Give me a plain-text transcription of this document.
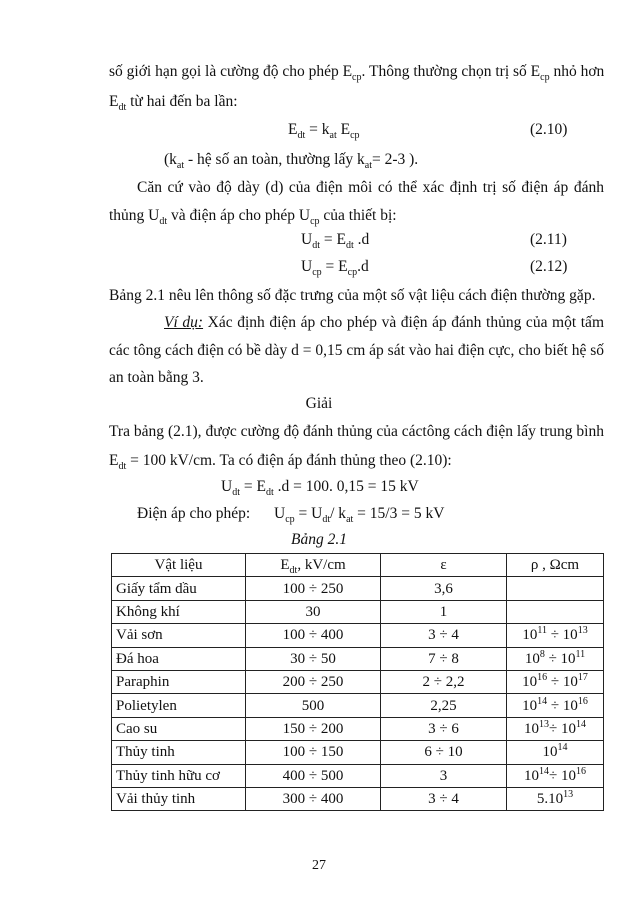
số giới hạn gọi là cường độ cho phép $E_{cp}$. Thông thường chọn trị số $E_{cp}$ nhỏ hơn
$E_{dt}$ từ hai đến ba lần:
$E_{dt} = k_{at}$ $E_{cp}$	(2.10)
($k_{at}$ - hệ số an toàn, thường lấy $k_{at}= 2-3$ ).
Căn cứ vào độ dày (d) của điện môi có thể xác định trị số điện áp đánh
thủng $U_{dt}$ và điện áp cho phép $U_{cp}$ của thiết bị:
$U_{dt} = E_{dt}$ .d	(2.11)
$U_{cp} = E_{cp}.d$	(2.12)
Bảng 2.1 nêu lên thông số đặc trưng của một số vật liệu cách điện thường gặp.
Ví dụ: Xác định điện áp cho phép và điện áp đánh thủng của một tấm
các tông cách điện có bề dày d = 0,15 cm áp sát vào hai điện cực, cho biết hệ số
an toàn bằng 3.
Giải
Tra bảng (2.1), được cường độ đánh thủng của cáctông cách điện lấy trung bình
$E_{dt} = 100$ kV/cm. Ta có điện áp đánh thủng theo (2.10):
$U_{dt} = E_{dt}$ .d = 100. 0,15 = 15 kV
Điện áp cho phép: $U_{cp} = U_{dt}/$ $k_{at} = 15/3 = 5$ kV
Bảng 2.1
Vật liệu	$E_{dt}$, kV/cm	ε	ρ , Ωcm
Giấy tẩm dầu	100 ÷ 250	3,6	
Không khí	30	1	
Vải sơn	100 ÷ 400	3 ÷ 4	$10^{11} \div 10^{13}$
Đá hoa	30 ÷ 50	7 ÷ 8	$10^8 \div 10^{11}$
Paraphin	200 ÷ 250	2 ÷ 2,2	$10^{16} \div 10^{17}$
Polietylen	500	2,25	$10^{14} \div 10^{16}$
Cao su	150 ÷ 200	3 ÷ 6	$10^{13}\div 10^{14}$
Thủy tinh	100 ÷ 150	6 ÷ 10	$10^{14}$
Thủy tinh hữu cơ	400 ÷ 500	3	$10^{14}\div 10^{16}$
Vải thủy tinh	300 ÷ 400	3 ÷ 4	5.10$^{13}$
27
